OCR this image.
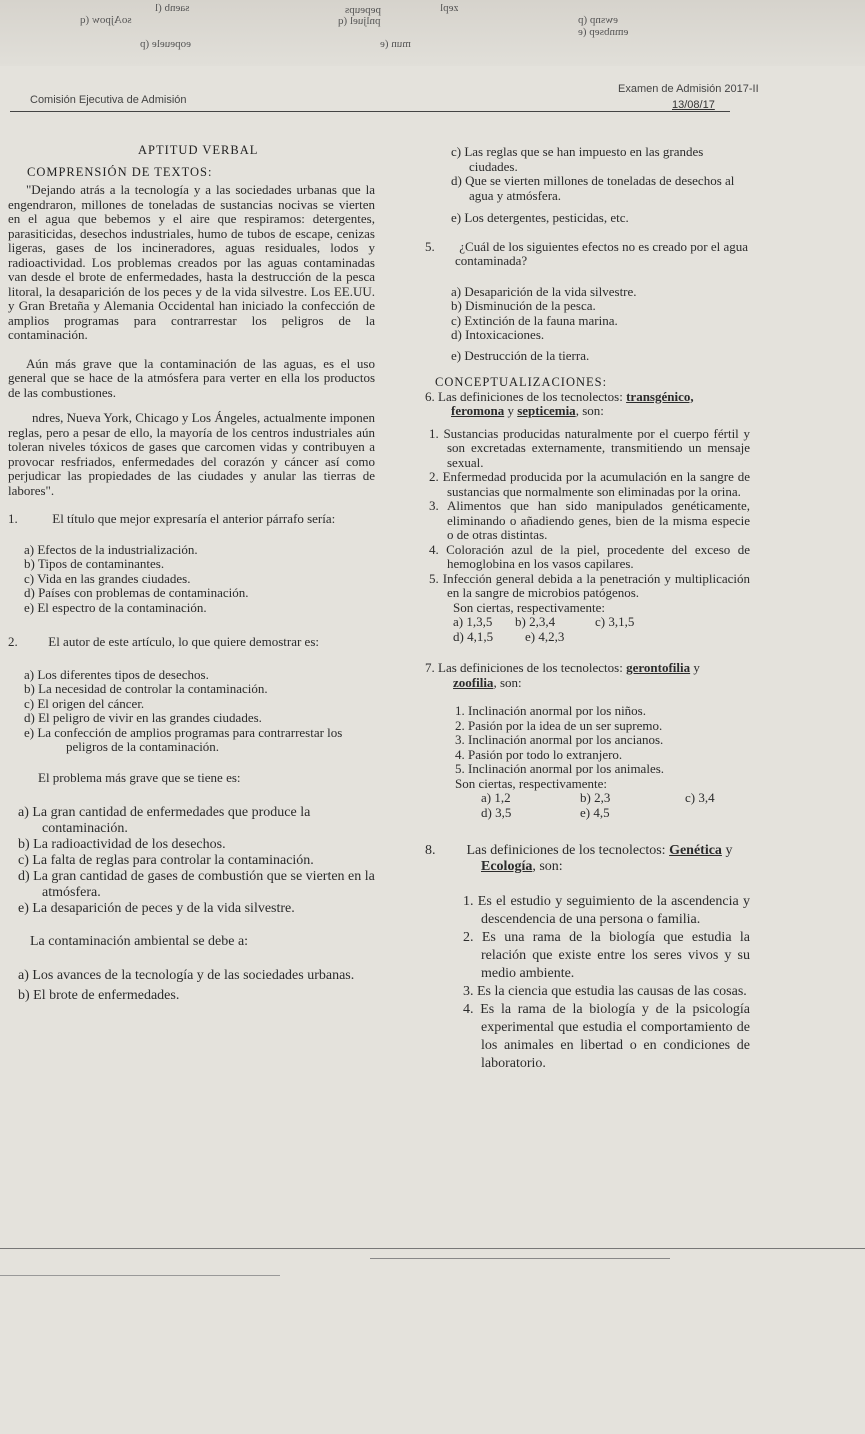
zepl
pepeups
pnljuel (q	ewsnp (p
emnbsep (e
eopeuele (p
soAjpow (q
saenb (l
mun (e
Comisión Ejecutiva de Admisión
Examen de Admisión 2017-II
13/08/17
APTITUD VERBAL
COMPRENSIÓN DE TEXTOS:

"Dejando atrás a la tecnología y a las sociedades urbanas que la engendraron, millones de toneladas de sustancias nocivas se vierten en el agua que bebemos y el aire que respiramos: detergentes, parasiticidas, desechos industriales, humo de tubos de escape, cenizas ligeras, gases de los incineradores, aguas residuales, lodos y radioactividad. Los problemas creados por las aguas contaminadas van desde el brote de enfermedades, hasta la destrucción de la pesca litoral, la desaparición de los peces y de la vida silvestre. Los EE.UU. y Gran Bretaña y Alemania Occidental han iniciado la confección de amplios programas para contrarrestar los peligros de la contaminación.

Aún más grave que la contaminación de las aguas, es el uso general que se hace de la atmósfera para verter en ella los productos de las combustiones.

ndres, Nueva York, Chicago y Los Ángeles, actualmente imponen reglas, pero a pesar de ello, la mayoría de los centros industriales aún toleran niveles tóxicos de gases que carcomen vidas y contribuyen a provocar resfriados, enfermedades del corazón y cáncer así como perjudicar las propiedades de las ciudades y anular las tierras de labores".

1.	El título que mejor expresaría el anterior párrafo sería:

a) Efectos de la industrialización.

b) Tipos de contaminantes.

c) Vida en las grandes ciudades.

d) Países con problemas de contaminación.

e) El espectro de la contaminación.

2. El autor de este artículo, lo que quiere demostrar es:

a) Los diferentes tipos de desechos.

b) La necesidad de controlar la contaminación.

c) El origen del cáncer.

d) El peligro de vivir en las grandes ciudades.

e) La confección de amplios programas para contrarrestar los peligros de la contaminación.

El problema más grave que se tiene es:

a) La gran cantidad de enfermedades que produce la contaminación.

b) La radioactividad de los desechos.

c) La falta de reglas para controlar la contaminación.

d) La gran cantidad de gases de combustión que se vierten en la atmósfera.

e) La desaparición de peces y de la vida silvestre.

La contaminación ambiental se debe a:

a) Los avances de la tecnología y de las sociedades urbanas.

b) El brote de enfermedades.

c) Las reglas que se han impuesto en las grandes ciudades.

d) Que se vierten millones de toneladas de desechos al agua y atmósfera.

e) Los detergentes, pesticidas, etc.

5. ¿Cuál de los siguientes efectos no es creado por el agua contaminada?

a) Desaparición de la vida silvestre.

b) Disminución de la pesca.

c) Extinción de la fauna marina.

d) Intoxicaciones.

e) Destrucción de la tierra.

CONCEPTUALIZACIONES:

6. Las definiciones de los tecnolectos: transgénico,

feromona y septicemia, son:

1. Sustancias producidas naturalmente por el cuerpo fértil y son excretadas externamente, transmitiendo un mensaje sexual.

2. Enfermedad producida por la acumulación en la sangre de sustancias que normalmente son eliminadas por la orina.

3. Alimentos que han sido manipulados genéticamente, eliminando o añadiendo genes, bien de la misma especie o de otras distintas.

4. Coloración azul de la piel, procedente del exceso de hemoglobina en los vasos capilares.

5. Infección general debida a la penetración y multiplicación en la sangre de microbios patógenos.

Son ciertas, respectivamente:

a) 1,3,5 b) 2,3,4	c) 3,1,5
d) 4,1,5 e) 4,2,3

7. Las definiciones de los tecnolectos: gerontofilia y

zoofilia, son:

1. Inclinación anormal por los niños.

2. Pasión por la idea de un ser supremo.

3. Inclinación anormal por los ancianos.

4. Pasión por todo lo extranjero.

5. Inclinación anormal por los animales.

Son ciertas, respectivamente:

a) 1,2	b) 2,3	c) 3,4
d) 3,5	e) 4,5

8. Las definiciones de los tecnolectos: Genética y

Ecología, son:

1. Es el estudio y seguimiento de la ascendencia y descendencia de una persona o familia.

2. Es una rama de la biología que estudia la relación que existe entre los seres vivos y su medio ambiente.

3. Es la ciencia que estudia las causas de las cosas.

4. Es la rama de la biología y de la psicología experimental que estudia el comportamiento de los animales en libertad o en condiciones de laboratorio.
